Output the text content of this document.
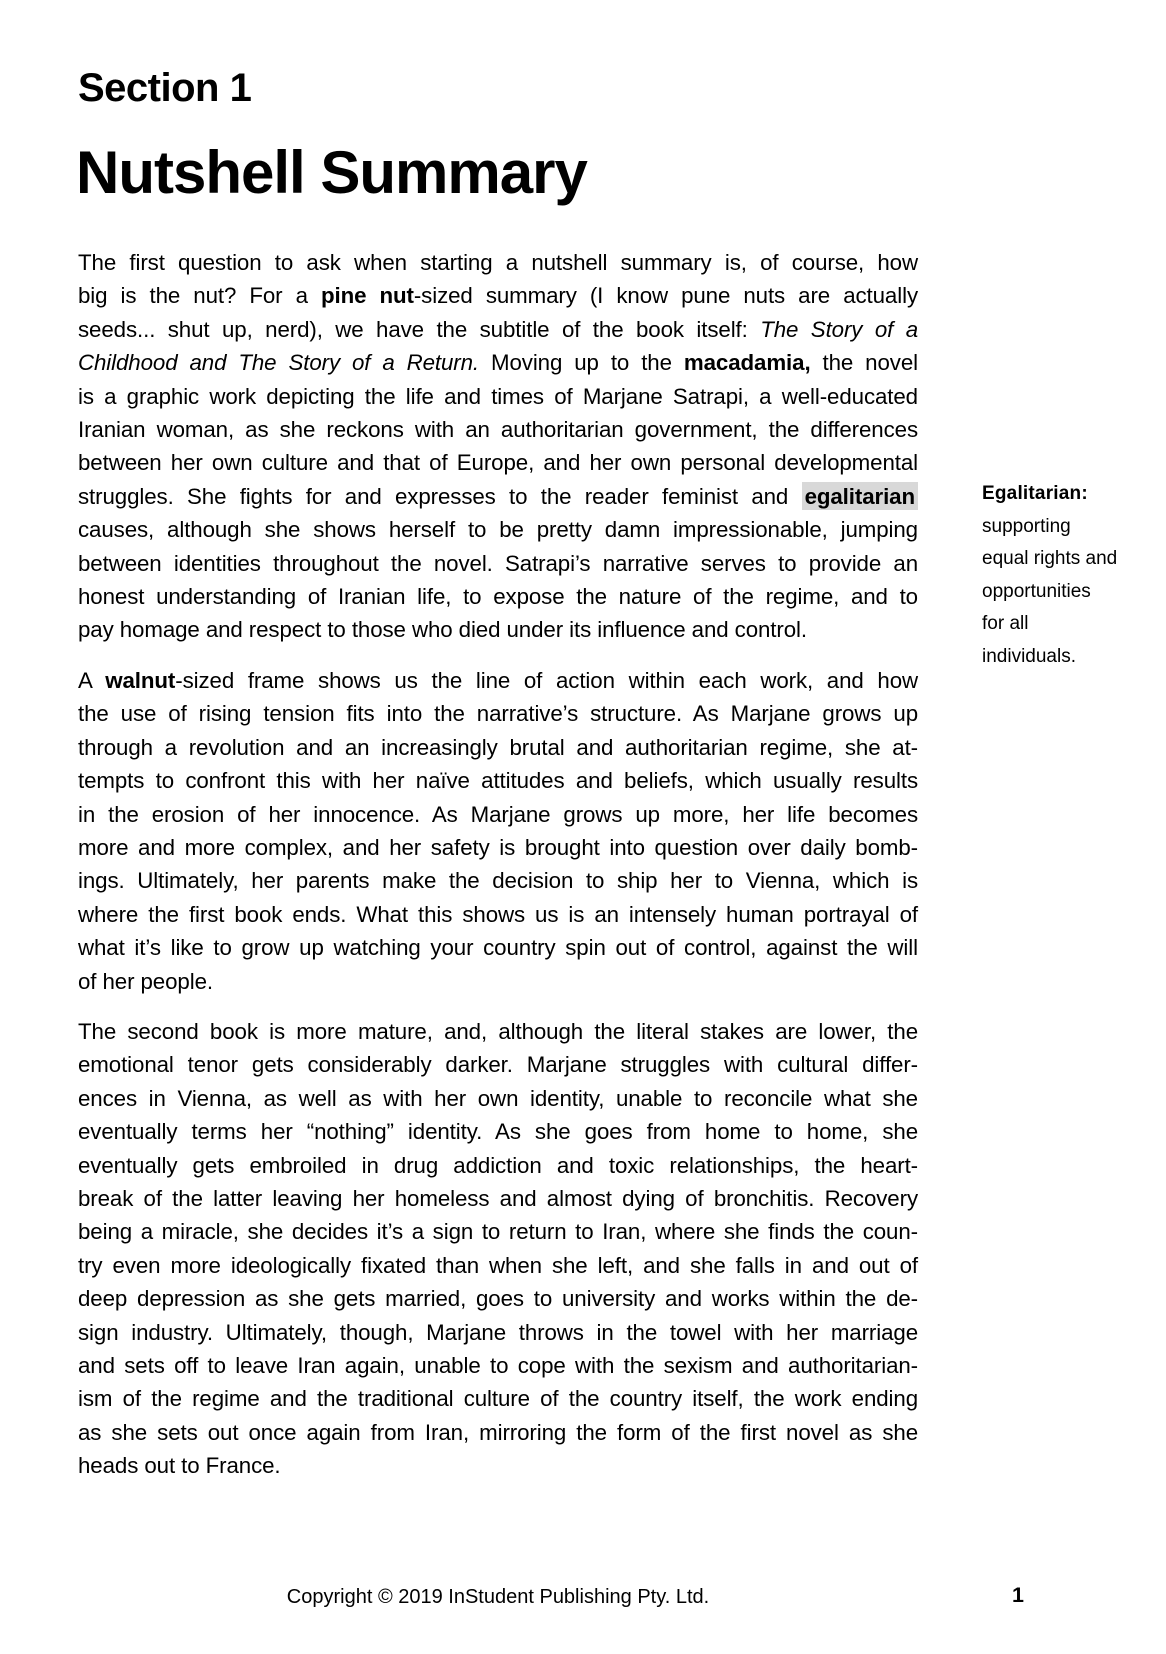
Section 1
Nutshell Summary
The first question to ask when starting a nutshell summary is, of course, how
big is the nut? For a pine nut-sized summary (I know pune nuts are actually
seeds... shut up, nerd), we have the subtitle of the book itself: The Story of a
Childhood and The Story of a Return. Moving up to the macadamia, the novel
is a graphic work depicting the life and times of Marjane Satrapi, a well-educated
Iranian woman, as she reckons with an authoritarian government, the differences
between her own culture and that of Europe, and her own personal developmental
struggles. She fights for and expresses to the reader feminist and egalitarian
causes, although she shows herself to be pretty damn impressionable, jumping
between identities throughout the novel. Satrapi’s narrative serves to provide an
honest understanding of Iranian life, to expose the nature of the regime, and to
pay homage and respect to those who died under its influence and control.
A walnut-sized frame shows us the line of action within each work, and how
the use of rising tension fits into the narrative’s structure. As Marjane grows up
through a revolution and an increasingly brutal and authoritarian regime, she at-
tempts to confront this with her naïve attitudes and beliefs, which usually results
in the erosion of her innocence. As Marjane grows up more, her life becomes
more and more complex, and her safety is brought into question over daily bomb-
ings. Ultimately, her parents make the decision to ship her to Vienna, which is
where the first book ends. What this shows us is an intensely human portrayal of
what it’s like to grow up watching your country spin out of control, against the will
of her people.
The second book is more mature, and, although the literal stakes are lower, the
emotional tenor gets considerably darker. Marjane struggles with cultural differ-
ences in Vienna, as well as with her own identity, unable to reconcile what she
eventually terms her “nothing” identity. As she goes from home to home, she
eventually gets embroiled in drug addiction and toxic relationships, the heart-
break of the latter leaving her homeless and almost dying of bronchitis. Recovery
being a miracle, she decides it’s a sign to return to Iran, where she finds the coun-
try even more ideologically fixated than when she left, and she falls in and out of
deep depression as she gets married, goes to university and works within the de-
sign industry. Ultimately, though, Marjane throws in the towel with her marriage
and sets off to leave Iran again, unable to cope with the sexism and authoritarian-
ism of the regime and the traditional culture of the country itself, the work ending
as she sets out once again from Iran, mirroring the form of the first novel as she
heads out to France.
Egalitarian:
supporting
equal rights and
opportunities
for all
individuals.
Copyright © 2019 InStudent Publishing Pty. Ltd.	1
